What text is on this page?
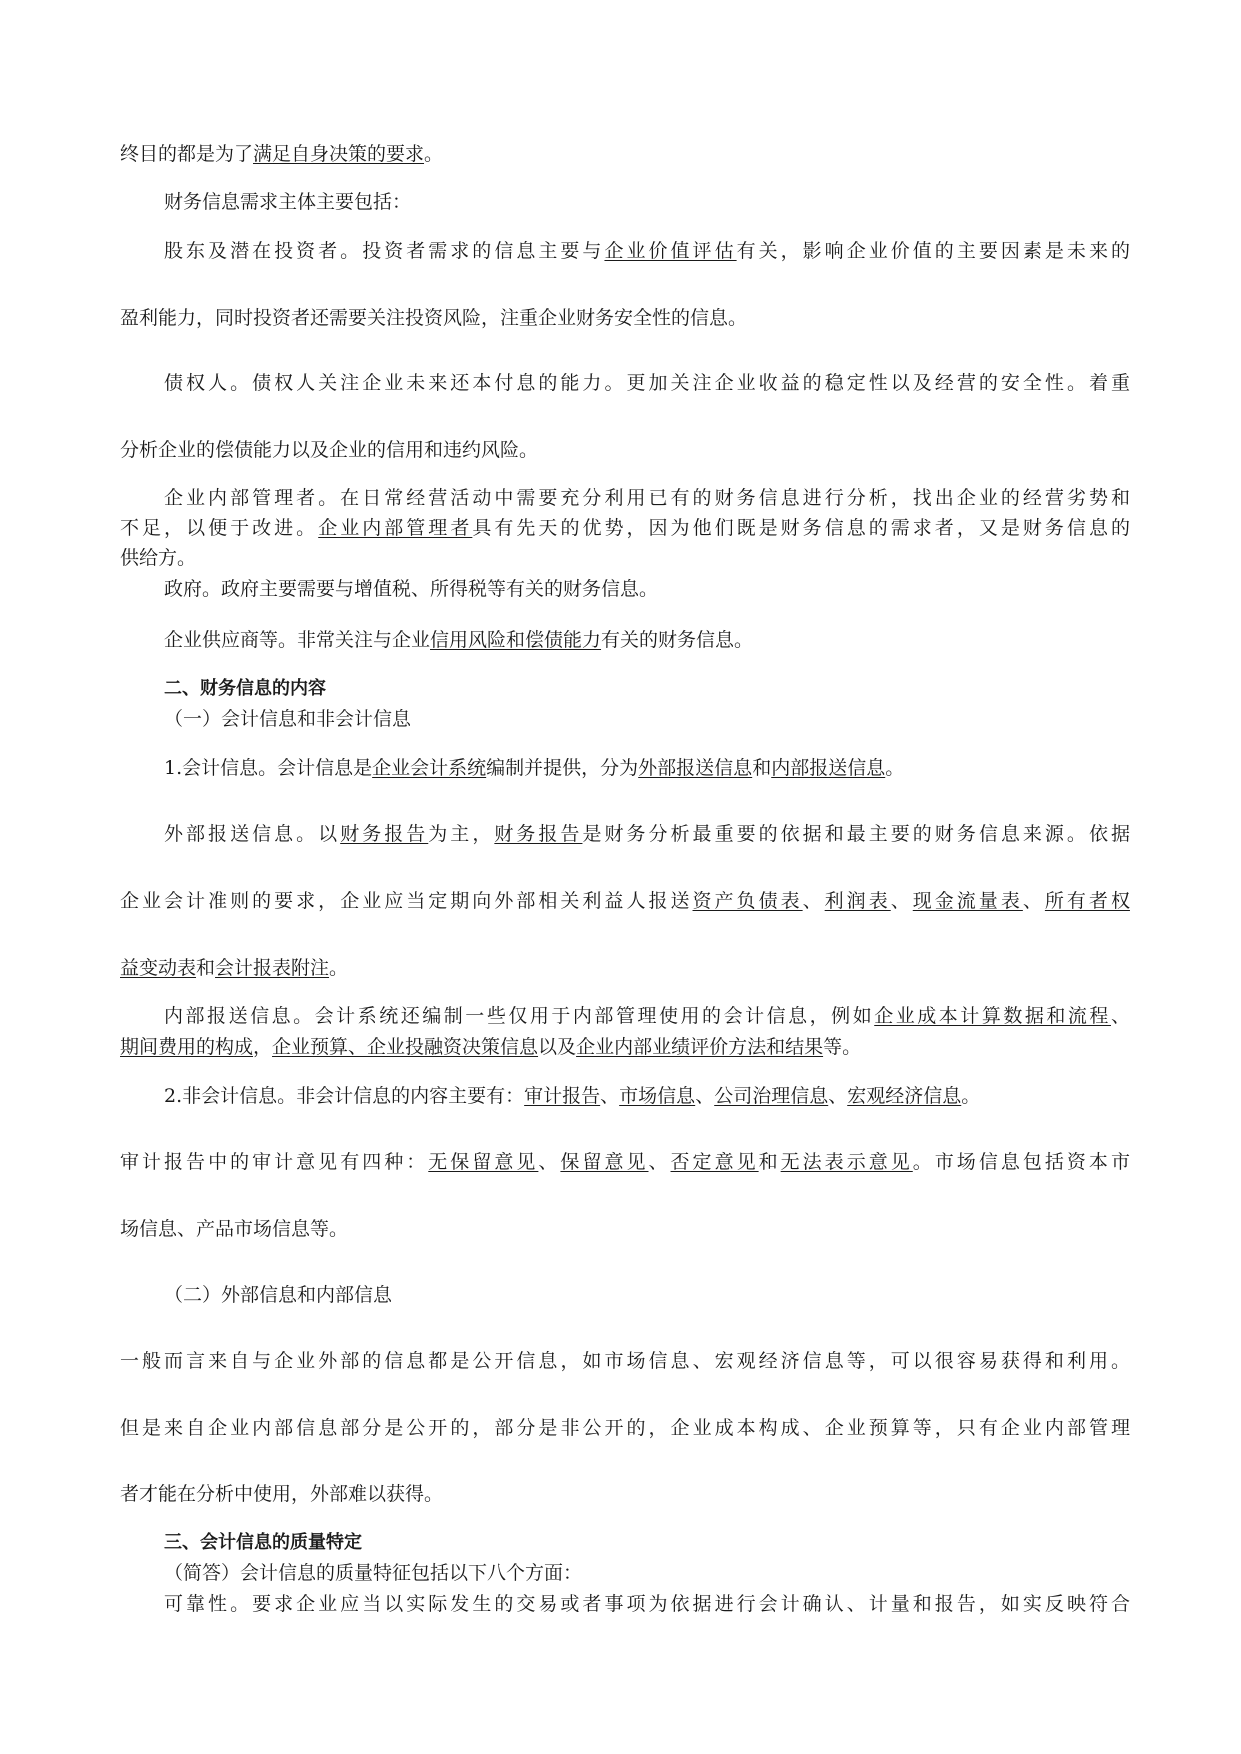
终目的都是为了满足自身决策的要求。

财务信息需求主体主要包括：

股东及潜在投资者。投资者需求的信息主要与企业价值评估有关，影响企业价值的主要因素是未来的

盈利能力，同时投资者还需要关注投资风险，注重企业财务安全性的信息。

债权人。债权人关注企业未来还本付息的能力。更加关注企业收益的稳定性以及经营的安全性。着重

分析企业的偿债能力以及企业的信用和违约风险。

企业内部管理者。在日常经营活动中需要充分利用已有的财务信息进行分析，找出企业的经营劣势和

不足，以便于改进。企业内部管理者具有先天的优势，因为他们既是财务信息的需求者，又是财务信息的

供给方。

政府。政府主要需要与增值税、所得税等有关的财务信息。

企业供应商等。非常关注与企业信用风险和偿债能力有关的财务信息。

二、财务信息的内容

（一）会计信息和非会计信息

1.会计信息。会计信息是企业会计系统编制并提供，分为外部报送信息和内部报送信息。

外部报送信息。以财务报告为主，财务报告是财务分析最重要的依据和最主要的财务信息来源。依据

企业会计准则的要求，企业应当定期向外部相关利益人报送资产负债表、利润表、现金流量表、所有者权

益变动表和会计报表附注。

内部报送信息。会计系统还编制一些仅用于内部管理使用的会计信息，例如企业成本计算数据和流程、

期间费用的构成，企业预算、企业投融资决策信息以及企业内部业绩评价方法和结果等。

2.非会计信息。非会计信息的内容主要有：审计报告、市场信息、公司治理信息、宏观经济信息。

审计报告中的审计意见有四种：无保留意见、保留意见、否定意见和无法表示意见。市场信息包括资本市

场信息、产品市场信息等。

（二）外部信息和内部信息

一般而言来自与企业外部的信息都是公开信息，如市场信息、宏观经济信息等，可以很容易获得和利用。

但是来自企业内部信息部分是公开的，部分是非公开的，企业成本构成、企业预算等，只有企业内部管理

者才能在分析中使用，外部难以获得。

三、会计信息的质量特定

（简答）会计信息的质量特征包括以下八个方面：

可靠性。要求企业应当以实际发生的交易或者事项为依据进行会计确认、计量和报告，如实反映符合
